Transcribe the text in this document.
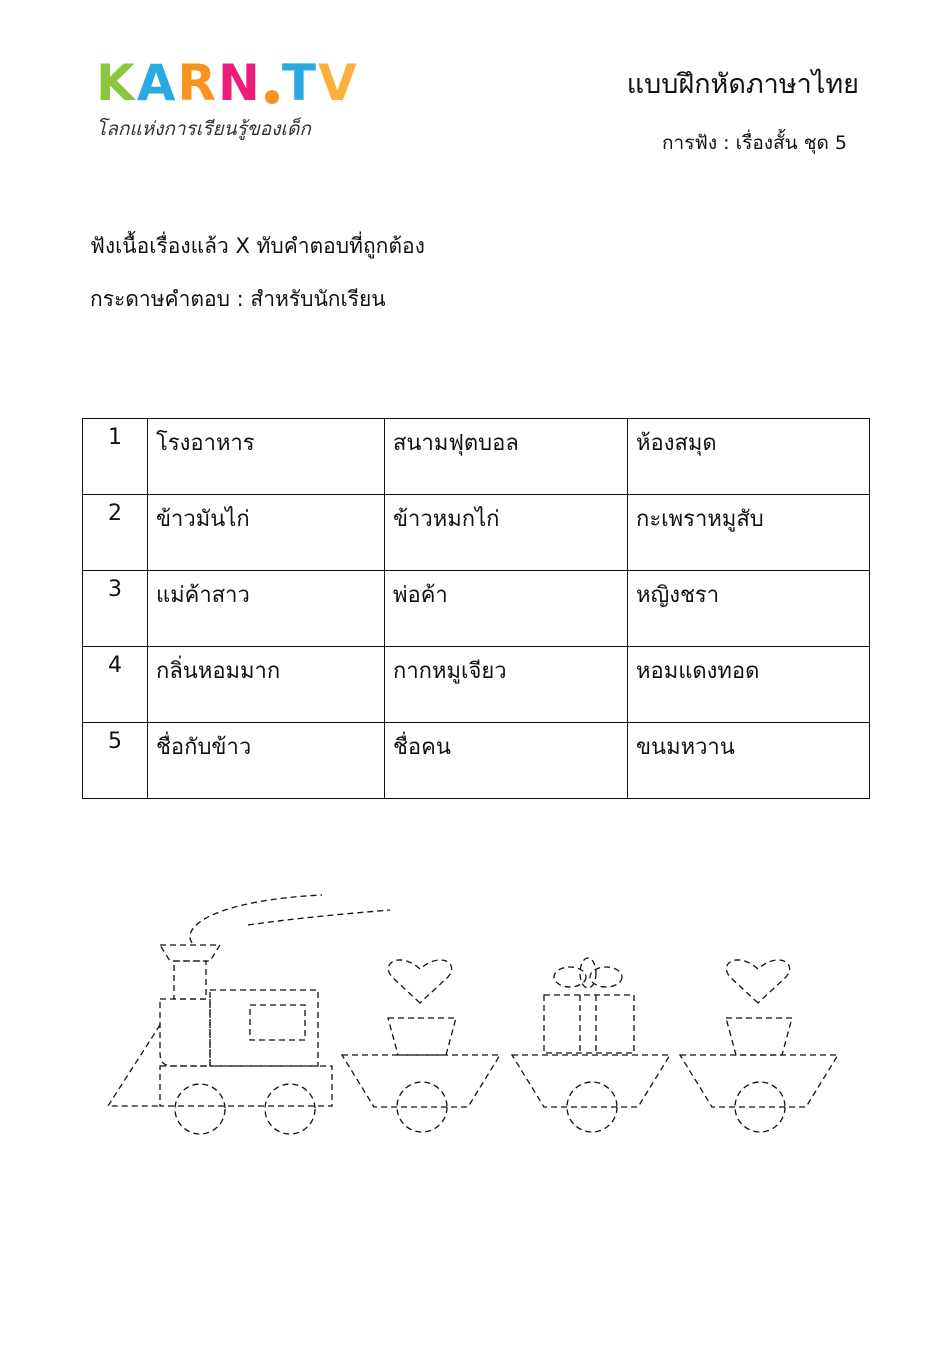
K A R N T V
โลกแห่งการเรียนรู้ของเด็ก
แบบฝึกหัดภาษาไทย
การฟัง : เรื่องสั้น ชุด 5
ฟังเนื้อเรื่องแล้ว X ทับคำตอบที่ถูกต้อง
กระดาษคำตอบ : สำหรับนักเรียน
1	โรงอาหาร	สนามฟุตบอล	ห้องสมุด
2	ข้าวมันไก่	ข้าวหมกไก่	กะเพราหมูสับ
3	แม่ค้าสาว	พ่อค้า	หญิงชรา
4	กลิ่นหอมมาก	กากหมูเจียว	หอมแดงทอด
5	ชื่อกับข้าว	ชื่อคน	ขนมหวาน
